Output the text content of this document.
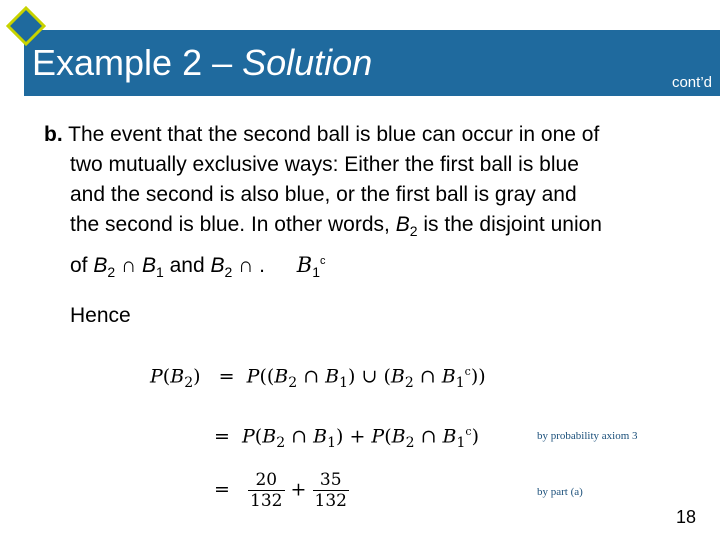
Example 2 – Solution	cont’d
b. The event that the second ball is blue can occur in one of
two mutually exclusive ways: Either the first ball is blue
and the second is also blue, or the first ball is gray and
the second is blue. In other words, $B_2$ is the disjoint union
of $B_2$ ∩ $B_1$ and $B_2$ ∩ . $B_1^c$
Hence
$P(B_2) = P((B_2$ ∩ $B_1$) ∪ ($B_2$ ∩ $B_1^c$))
=  $P(B_2$ ∩ $B_1) + P(B_2$ ∩ $B_1^c$)	by probability axiom 3
= $\frac{20}{132} + \frac{35}{132}$	by part (a)
18
